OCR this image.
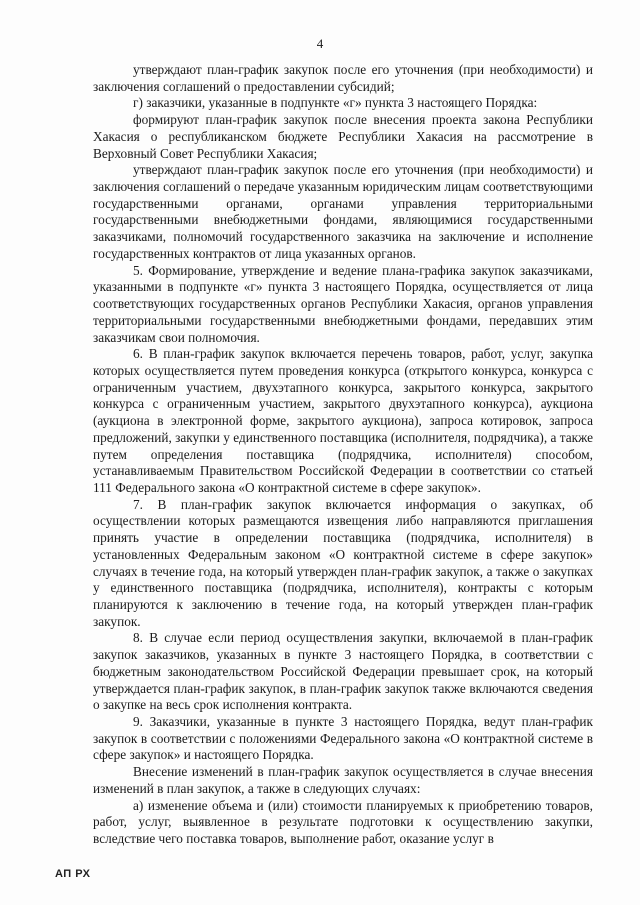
4

утверждают план-график закупок после его уточнения (при необходимости) и заключения соглашений о предоставлении субсидий;

г) заказчики, указанные в подпункте «г» пункта 3 настоящего Порядка:

формируют план-график закупок после внесения проекта закона Республики Хакасия о республиканском бюджете Республики Хакасия на рассмотрение в Верховный Совет Республики Хакасия;

утверждают план-график закупок после его уточнения (при необходимости) и заключения соглашений о передаче указанным юридическим лицам соответствующими государственными органами, органами управления территориальными государственными внебюджетными фондами, являющимися государственными заказчиками, полномочий государственного заказчика на заключение и исполнение государственных контрактов от лица указанных органов.

5. Формирование, утверждение и ведение плана-графика закупок заказчиками, указанными в подпункте «г» пункта 3 настоящего Порядка, осуществляется от лица соответствующих государственных органов Республики Хакасия, органов управления территориальными государственными внебюджетными фондами, передавших этим заказчикам свои полномочия.

6. В план-график закупок включается перечень товаров, работ, услуг, закупка которых осуществляется путем проведения конкурса (открытого конкурса, конкурса с ограниченным участием, двухэтапного конкурса, закрытого конкурса, закрытого конкурса с ограниченным участием, закрытого двухэтапного конкурса), аукциона (аукциона в электронной форме, закрытого аукциона), запроса котировок, запроса предложений, закупки у единственного поставщика (исполнителя, подрядчика), а также путем определения поставщика (подрядчика, исполнителя) способом, устанавливаемым Правительством Российской Федерации в соответствии со статьей 111 Федерального закона «О контрактной системе в сфере закупок».

7. В план-график закупок включается информация о закупках, об осуществлении которых размещаются извещения либо направляются приглашения принять участие в определении поставщика (подрядчика, исполнителя) в установленных Федеральным законом «О контрактной системе в сфере закупок» случаях в течение года, на который утвержден план-график закупок, а также о закупках у единственного поставщика (подрядчика, исполнителя), контракты с которым планируются к заключению в течение года, на который утвержден план-график закупок.

8. В случае если период осуществления закупки, включаемой в план-график закупок заказчиков, указанных в пункте 3 настоящего Порядка, в соответствии с бюджетным законодательством Российской Федерации превышает срок, на который утверждается план-график закупок, в план-график закупок также включаются сведения о закупке на весь срок исполнения контракта.

9. Заказчики, указанные в пункте 3 настоящего Порядка, ведут план-график закупок в соответствии с положениями Федерального закона «О контрактной системе в сфере закупок» и настоящего Порядка.

Внесение изменений в план-график закупок осуществляется в случае внесения изменений в план закупок, а также в следующих случаях:

а) изменение объема и (или) стоимости планируемых к приобретению товаров, работ, услуг, выявленное в результате подготовки к осуществлению закупки, вследствие чего поставка товаров, выполнение работ, оказание услуг в

АП РХ
